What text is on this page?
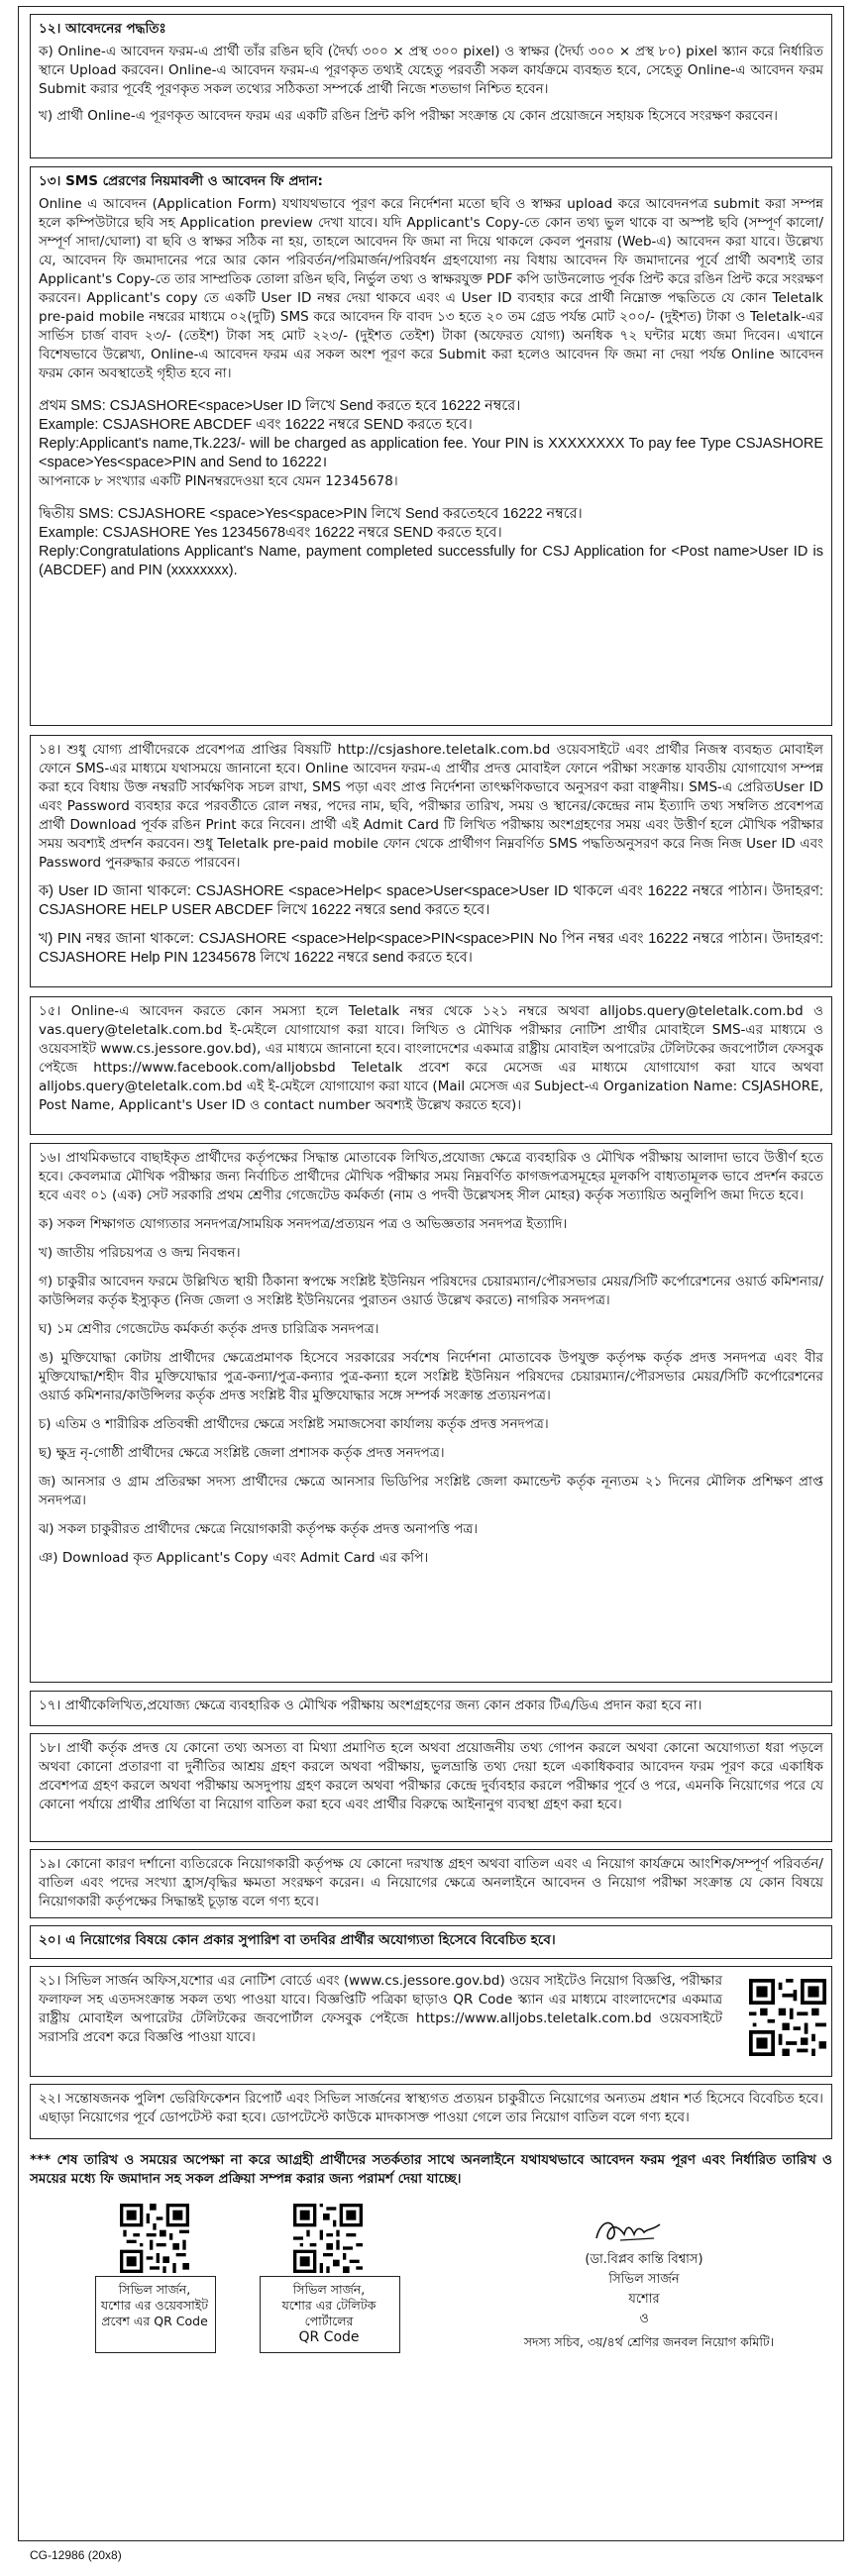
১২। আবেদনের পদ্ধতিঃ

ক) Online-এ আবেদন ফরম-এ প্রার্থী তাঁর রঙিন ছবি (দৈর্ঘ্য ৩০০ × প্রস্থ ৩০০ pixel) ও স্বাক্ষর (দৈর্ঘ্য ৩০০ × প্রস্থ ৮০) pixel স্ক্যান করে নির্ধারিত স্থানে Upload করবেন। Online-এ আবেদন ফরম-এ পূরণকৃত তথ্যই যেহেতু পরবর্তী সকল কার্যক্রমে ব্যবহৃত হবে, সেহেতু Online-এ আবেদন ফরম Submit করার পূর্বেই পূরণকৃত সকল তথ্যের সঠিকতা সম্পর্কে প্রার্থী নিজে শতভাগ নিশ্চিত হবেন।

খ) প্রার্থী Online-এ পূরণকৃত আবেদন ফরম এর একটি রঙিন প্রিন্ট কপি পরীক্ষা সংক্রান্ত যে কোন প্রয়োজনে সহায়ক হিসেবে সংরক্ষণ করবেন।

১৩। SMS প্রেরণের নিয়মাবলী ও আবেদন ফি প্রদান:

Online এ আবেদন (Application Form) যথাযথভাবে পূরণ করে নির্দেশনা মতো ছবি ও স্বাক্ষর upload করে আবেদনপত্র submit করা সম্পন্ন হলে কম্পিউটারে ছবি সহ Application preview দেখা যাবে। যদি Applicant's Copy-তে কোন তথ্য ভুল থাকে বা অস্পষ্ট ছবি (সম্পূর্ণ কালো/সম্পূর্ণ সাদা/ঘোলা) বা ছবি ও স্বাক্ষর সঠিক না হয়, তাহলে আবেদন ফি জমা না দিয়ে থাকলে কেবল পুনরায় (Web-এ) আবেদন করা যাবে। উল্লেখ্য যে, আবেদন ফি জমাদানের পরে আর কোন পরিবর্তন/পরিমার্জন/পরিবর্ধন গ্রহণযোগ্য নয় বিধায় আবেদন ফি জমাদানের পূর্বে প্রার্থী অবশ্যই তার Applicant's Copy-তে তার সাম্প্রতিক তোলা রঙিন ছবি, নির্ভুল তথ্য ও স্বাক্ষরযুক্ত PDF কপি ডাউনলোড পূর্বক প্রিন্ট করে রঙিন প্রিন্ট করে সংরক্ষণ করবেন। Applicant's copy তে একটি User ID নম্বর দেয়া থাকবে এবং এ User ID ব্যবহার করে প্রার্থী নিম্নোক্ত পদ্ধতিতে যে কোন Teletalk pre-paid mobile নম্বরের মাধ্যমে ০২(দুটি) SMS করে আবেদন ফি বাবদ ১৩ হতে ২০ তম গ্রেড পর্যন্ত মোট ২০০/- (দুইশত) টাকা ও Teletalk-এর সার্ভিস চার্জ বাবদ ২৩/- (তেইশ) টাকা সহ মোট ২২৩/- (দুইশত তেইশ) টাকা (অফেরত যোগ্য) অনধিক ৭২ ঘন্টার মধ্যে জমা দিবেন। এখানে বিশেষভাবে উল্লেখ্য, Online-এ আবেদন ফরম এর সকল অংশ পূরণ করে Submit করা হলেও আবেদন ফি জমা না দেয়া পর্যন্ত Online আবেদন ফরম কোন অবস্থাতেই গৃহীত হবে না।

প্রথম SMS: CSJASHORE<space>User ID লিখে Send করতে হবে 16222 নম্বরে।

Example: CSJASHORE ABCDEF এবং 16222 নম্বরে SEND করতে হবে।

Reply:Applicant's name,Tk.223/- will be charged as application fee. Your PIN is XXXXXXXX To pay fee Type CSJASHORE <space>Yes<space>PIN and Send to 16222।

আপনাকে ৮ সংখ্যার একটি PINনম্বরদেওয়া হবে যেমন 12345678।

দ্বিতীয় SMS: CSJASHORE <space>Yes<space>PIN লিখে Send করতেহবে 16222 নম্বরে।

Example: CSJASHORE Yes 12345678এবং 16222 নম্বরে SEND করতে হবে।

Reply:Congratulations Applicant's Name, payment completed successfully for CSJ Application for <Post name>User ID is (ABCDEF) and PIN (xxxxxxxx).

১৪। শুধু যোগ্য প্রার্থীদেরকে প্রবেশপত্র প্রাপ্তির বিষয়টি http://csjashore.teletalk.com.bd ওয়েবসাইটে এবং প্রার্থীর নিজস্ব ব্যবহৃত মোবাইল ফোনে SMS-এর মাধ্যমে যথাসময়ে জানানো হবে। Online আবেদন ফরম-এ প্রার্থীর প্রদত্ত মোবাইল ফোনে পরীক্ষা সংক্রান্ত যাবতীয় যোগাযোগ সম্পন্ন করা হবে বিধায় উক্ত নম্বরটি সার্বক্ষণিক সচল রাখা, SMS পড়া এবং প্রাপ্ত নির্দেশনা তাৎক্ষণিকভাবে অনুসরণ করা বাঞ্ছনীয়। SMS-এ প্রেরিতUser ID এবং Password ব্যবহার করে পরবর্তীতে রোল নম্বর, পদের নাম, ছবি, পরীক্ষার তারিখ, সময় ও স্থানের/কেন্দ্রের নাম ইত্যাদি তথ্য সম্বলিত প্রবেশপত্র প্রার্থী Download পূর্বক রঙিন Print করে নিবেন। প্রার্থী এই Admit Card টি লিখিত পরীক্ষায় অংশগ্রহণের সময় এবং উত্তীর্ণ হলে মৌখিক পরীক্ষার সময় অবশ্যই প্রদর্শন করবেন। শুধু Teletalk pre-paid mobile ফোন থেকে প্রার্থীগণ নিম্নবর্ণিত SMS পদ্ধতিঅনুসরণ করে নিজ নিজ User ID এবং Password পুনরুদ্ধার করতে পারবেন।

ক) User ID জানা থাকলে: CSJASHORE <space>Help< space>User<space>User ID থাকলে এবং 16222 নম্বরে পাঠান। উদাহরণ: CSJASHORE HELP USER ABCDEF লিখে 16222 নম্বরে send করতে হবে।

খ) PIN নম্বর জানা থাকলে: CSJASHORE <space>Help<space>PIN<space>PIN No পিন নম্বর এবং 16222 নম্বরে পাঠান। উদাহরণ: CSJASHORE Help PIN 12345678 লিখে 16222 নম্বরে send করতে হবে।

১৫। Online-এ আবেদন করতে কোন সমস্যা হলে Teletalk নম্বর থেকে ১২১ নম্বরে অথবা alljobs.query@teletalk.com.bd ও vas.query@teletalk.com.bd ই-মেইলে যোগাযোগ করা যাবে। লিখিত ও মৌখিক পরীক্ষার নোটিশ প্রার্থীর মোবাইলে SMS-এর মাধ্যমে ও ওয়েবসাইট www.cs.jessore.gov.bd), এর মাধ্যমে জানানো হবে। বাংলাদেশের একমাত্র রাষ্ট্রীয় মোবাইল অপারেটর টেলিটকের জবপোর্টাল ফেসবুক পেইজে https://www.facebook.com/alljobsbd Teletalk প্রবেশ করে মেসেজ এর মাধ্যমে যোগাযোগ করা যাবে অথবা alljobs.query@teletalk.com.bd এই ই-মেইলে যোগাযোগ করা যাবে (Mail মেসেজ এর Subject-এ Organization Name: CSJASHORE, Post Name, Applicant's User ID ও contact number অবশ্যই উল্লেখ করতে হবে)।

১৬। প্রাথমিকভাবে বাছাইকৃত প্রার্থীদের কর্তৃপক্ষের সিদ্ধান্ত মোতাবেক লিখিত,প্রযোজ্য ক্ষেত্রে ব্যবহারিক ও মৌখিক পরীক্ষায় আলাদা ভাবে উত্তীর্ণ হতে হবে। কেবলমাত্র মৌখিক পরীক্ষার জন্য নির্বাচিত প্রার্থীদের মৌখিক পরীক্ষার সময় নিম্নবর্ণিত কাগজপত্রসমূহের মূলকপি বাধ্যতামূলক ভাবে প্রদর্শন করতে হবে এবং ০১ (এক) সেট সরকারি প্রথম শ্রেণীর গেজেটেড কর্মকর্তা (নাম ও পদবী উল্লেখসহ সীল মোহর) কর্তৃক সত্যায়িত অনুলিপি জমা দিতে হবে।

ক) সকল শিক্ষাগত যোগ্যতার সনদপত্র/সাময়িক সনদপত্র/প্রত্যয়ন পত্র ও অভিজ্ঞতার সনদপত্র ইত্যাদি।

খ) জাতীয় পরিচয়পত্র ও জন্ম নিবন্ধন।

গ) চাকুরীর আবেদন ফরমে উল্লিখিত স্থায়ী ঠিকানা স্বপক্ষে সংশ্লিষ্ট ইউনিয়ন পরিষদের চেয়ারম্যান/পৌরসভার মেয়র/সিটি কর্পোরেশনের ওয়ার্ড কমিশনার/কাউন্সিলর কর্তৃক ইস্যুকৃত (নিজ জেলা ও সংশ্লিষ্ট ইউনিয়নের পুরাতন ওয়ার্ড উল্লেখ করতে) নাগরিক সনদপত্র।

ঘ) ১ম শ্রেণীর গেজেটেড কর্মকর্তা কর্তৃক প্রদত্ত চারিত্রিক সনদপত্র।

ঙ) মুক্তিযোদ্ধা কোটায় প্রার্থীদের ক্ষেত্রেপ্রমাণক হিসেবে সরকারের সর্বশেষ নির্দেশনা মোতাবেক উপযুক্ত কর্তৃপক্ষ কর্তৃক প্রদত্ত সনদপত্র এবং বীর মুক্তিযোদ্ধা/শহীদ বীর মুক্তিযোদ্ধার পুত্র-কন্যা/পুত্র-কন্যার পুত্র-কন্যা হলে সংশ্লিষ্ট ইউনিয়ন পরিষদের চেয়ারম্যান/পৌরসভার মেয়র/সিটি কর্পোরেশনের ওয়ার্ড কমিশনার/কাউন্সিলর কর্তৃক প্রদত্ত সংশ্লিষ্ট বীর মুক্তিযোদ্ধার সঙ্গে সম্পর্ক সংক্রান্ত প্রত্যয়নপত্র।

চ) এতিম ও শারীরিক প্রতিবন্ধী প্রার্থীদের ক্ষেত্রে সংশ্লিষ্ট সমাজসেবা কার্যালয় কর্তৃক প্রদত্ত সনদপত্র।

ছ) ক্ষুদ্র নৃ-গোষ্ঠী প্রার্থীদের ক্ষেত্রে সংশ্লিষ্ট জেলা প্রশাসক কর্তৃক প্রদত্ত সনদপত্র।

জ) আনসার ও গ্রাম প্রতিরক্ষা সদস্য প্রার্থীদের ক্ষেত্রে আনসার ভিডিপির সংশ্লিষ্ট জেলা কমান্ডেন্ট কর্তৃক নূন্যতম ২১ দিনের মৌলিক প্রশিক্ষণ প্রাপ্ত সনদপত্র।

ঝ) সকল চাকুরীরত প্রার্থীদের ক্ষেত্রে নিয়োগকারী কর্তৃপক্ষ কর্তৃক প্রদত্ত অনাপত্তি পত্র।

ঞ) Download কৃত Applicant's Copy এবং Admit Card এর কপি।

১৭। প্রার্থীকেলিখিত,প্রযোজ্য ক্ষেত্রে ব্যবহারিক ও মৌখিক পরীক্ষায় অংশগ্রহণের জন্য কোন প্রকার টিএ/ডিএ প্রদান করা হবে না।

১৮। প্রার্থী কর্তৃক প্রদত্ত যে কোনো তথ্য অসত্য বা মিথ্যা প্রমাণিত হলে অথবা প্রয়োজনীয় তথ্য গোপন করলে অথবা কোনো অযোগ্যতা ধরা পড়লে অথবা কোনো প্রতারণা বা দুর্নীতির আশ্রয় গ্রহণ করলে অথবা পরীক্ষায়, ভুলভ্রান্তি তথ্য দেয়া হলে একাধিকবার আবেদন ফরম পূরণ করে একাধিক প্রবেশপত্র গ্রহণ করলে অথবা পরীক্ষায় অসদুপায় গ্রহণ করলে অথবা পরীক্ষার কেন্দ্রে দুর্ব্যবহার করলে পরীক্ষার পূর্বে ও পরে, এমনকি নিয়োগের পরে যে কোনো পর্যায়ে প্রার্থীর প্রার্থিতা বা নিয়োগ বাতিল করা হবে এবং প্রার্থীর বিরুদ্ধে আইনানুগ ব্যবস্থা গ্রহণ করা হবে।

১৯। কোনো কারণ দর্শানো ব্যতিরেকে নিয়োগকারী কর্তৃপক্ষ যে কোনো দরখাস্ত গ্রহণ অথবা বাতিল এবং এ নিয়োগ কার্যক্রমে আংশিক/সম্পূর্ণ পরিবর্তন/বাতিল এবং পদের সংখ্যা হ্রাস/বৃদ্ধির ক্ষমতা সংরক্ষণ করেন। এ নিয়োগের ক্ষেত্রে অনলাইনে আবেদন ও নিয়োগ পরীক্ষা সংক্রান্ত যে কোন বিষয়ে নিয়োগকারী কর্তৃপক্ষের সিদ্ধান্তই চূড়ান্ত বলে গণ্য হবে।

২০। এ নিয়োগের বিষয়ে কোন প্রকার সুপারিশ বা তদবির প্রার্থীর অযোগ্যতা হিসেবে বিবেচিত হবে।

২১। সিভিল সার্জন অফিস,যশোর এর নোটিশ বোর্ডে এবং (www.cs.jessore.gov.bd) ওয়েব সাইটেও নিয়োগ বিজ্ঞপ্তি, পরীক্ষার ফলাফল সহ এতদসংক্রান্ত সকল তথ্য পাওয়া যাবে। বিজ্ঞপ্তিটি পত্রিকা ছাড়াও QR Code স্ক্যান এর মাধ্যমে বাংলাদেশের একমাত্র রাষ্ট্রীয় মোবাইল অপারেটর টেলিটকের জবপোর্টাল ফেসবুক পেইজে https://www.alljobs.teletalk.com.bd ওয়েবসাইটে সরাসরি প্রবেশ করে বিজ্ঞপ্তি পাওয়া যাবে।

২২। সন্তোষজনক পুলিশ ভেরিফিকেশন রিপোর্ট এবং সিভিল সার্জনের স্বাস্থ্যগত প্রত্যয়ন চাকুরীতে নিয়োগের অন্যতম প্রধান শর্ত হিসেবে বিবেচিত হবে। এছাড়া নিয়োগের পূর্বে ডোপটেস্ট করা হবে। ডোপটেস্টে কাউকে মাদকাসক্ত পাওয়া গেলে তার নিয়োগ বাতিল বলে গণ্য হবে।

*** শেষ তারিখ ও সময়ের অপেক্ষা না করে আগ্রহী প্রার্থীদের সতর্কতার সাথে অনলাইনে যথাযথভাবে আবেদন ফরম পূরণ এবং নির্ধারিত তারিখ ও সময়ের মধ্যে ফি জমাদান সহ সকল প্রক্রিয়া সম্পন্ন করার জন্য পরামর্শ দেয়া যাচ্ছে।
সিভিল সার্জন,
যশোর এর ওয়েবসাইট
প্রবেশ এর QR Code
সিভিল সার্জন,
যশোর এর টেলিটক পোর্টালের
QR Code
(ডা.বিপ্লব কান্তি বিশ্বাস)
সিভিল সার্জন
যশোর
ও
সদস্য সচিব, ৩য়/৪র্থ শ্রেণির জনবল নিয়োগ কমিটি।
CG-12986 (20x8)
